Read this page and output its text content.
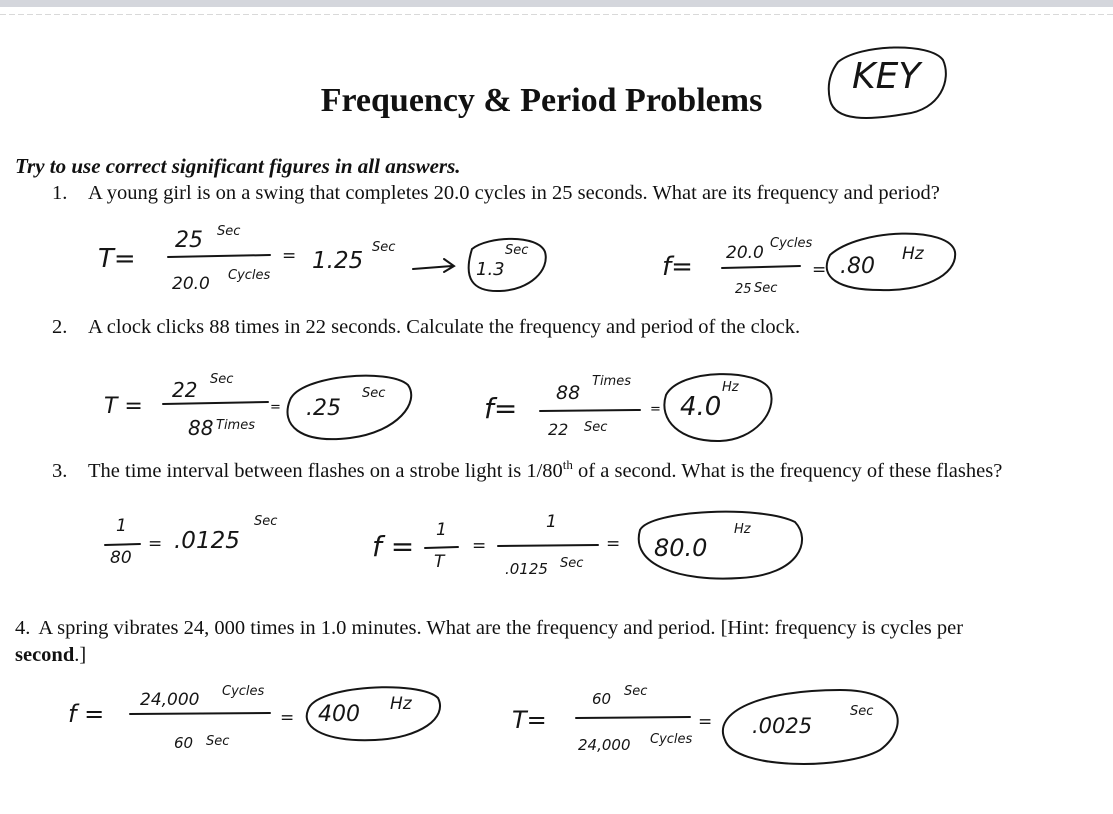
Frequency & Period Problems
KEY
Try to use correct significant figures in all answers.
1. A young girl is on a swing that completes 20.0 cycles in 25 seconds. What are its frequency and period?
T=
25 Sec
20.0 Cycles
= 1.25
Sec
1.3
Sec
f= 20.0 Cycles
25 Sec
= .80 Hz
2. A clock clicks 88 times in 22 seconds. Calculate the frequency and period of the clock.
T =
22 Sec
88 Times
= .25
Sec	f= 88
Times
22 Sec
= 4.0
Hz
3. The time interval between flashes on a strobe light is 1/80th of a second. What is the frequency of these flashes?
1
80
= .0125
Sec
f = 1
T
=
1
.0125 Sec
= 80.0
Hz
4. A spring vibrates 24, 000 times in 1.0 minutes. What are the frequency and period. [Hint: frequency is cycles per second.]
f = 24,000 Cycles
60 Sec
= 400 Hz
T=
60 Sec
24,000 Cycles
= .0025
Sec
